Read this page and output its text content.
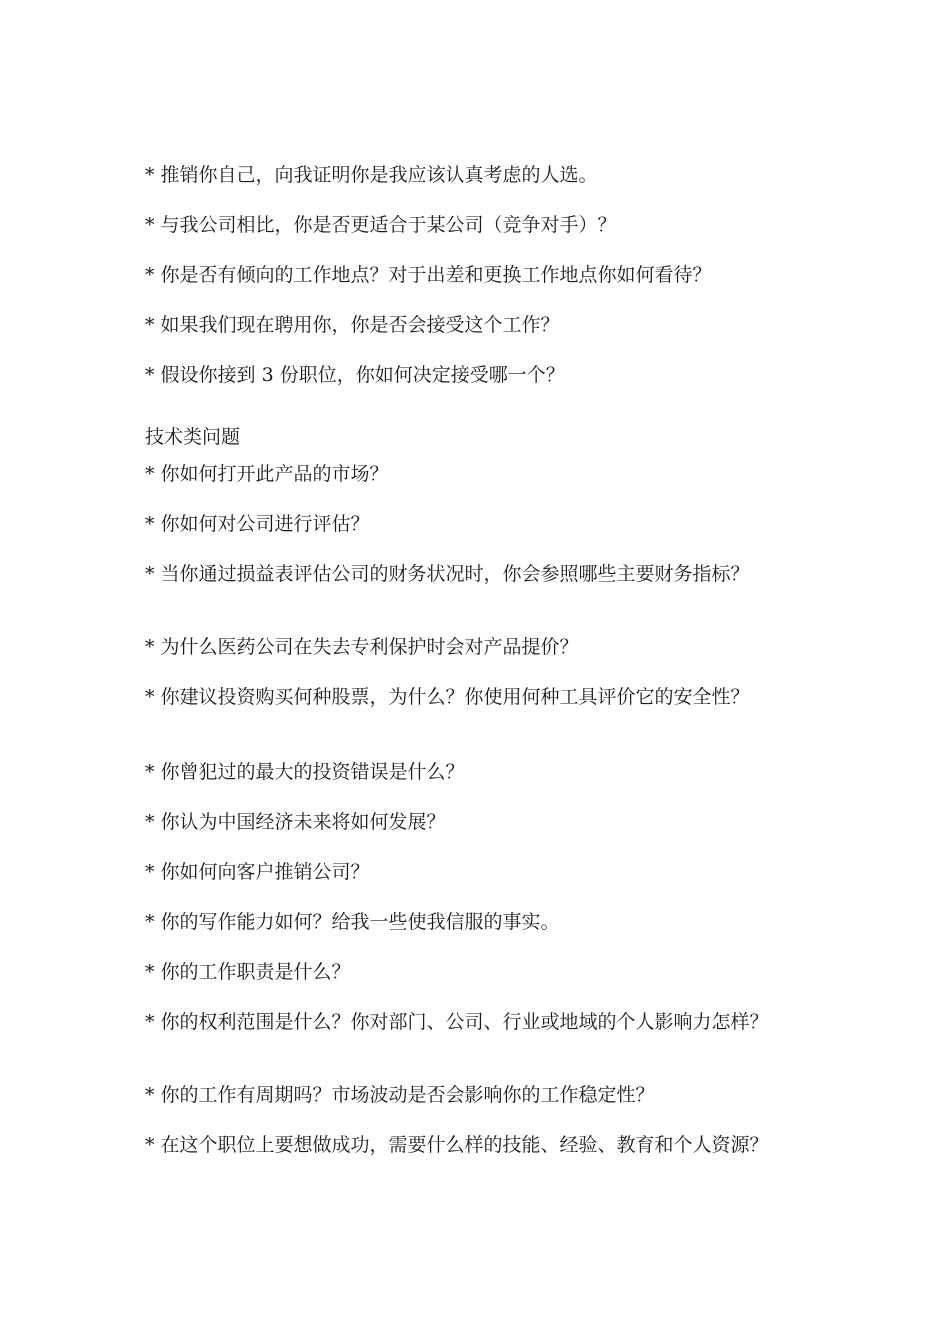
* 推销你自己，向我证明你是我应该认真考虑的人选。
* 与我公司相比，你是否更适合于某公司（竞争对手）？
* 你是否有倾向的工作地点？对于出差和更换工作地点你如何看待？
* 如果我们现在聘用你，你是否会接受这个工作？
* 假设你接到 3 份职位，你如何决定接受哪一个？
技术类问题
* 你如何打开此产品的市场？
* 你如何对公司进行评估？
* 当你通过损益表评估公司的财务状况时，你会参照哪些主要财务指标？
* 为什么医药公司在失去专利保护时会对产品提价？
* 你建议投资购买何种股票，为什么？你使用何种工具评价它的安全性？
* 你曾犯过的最大的投资错误是什么？
* 你认为中国经济未来将如何发展？
* 你如何向客户推销公司？
* 你的写作能力如何？给我一些使我信服的事实。
* 你的工作职责是什么？
* 你的权利范围是什么？你对部门、公司、行业或地域的个人影响力怎样？
* 你的工作有周期吗？市场波动是否会影响你的工作稳定性？
* 在这个职位上要想做成功，需要什么样的技能、经验、教育和个人资源？
